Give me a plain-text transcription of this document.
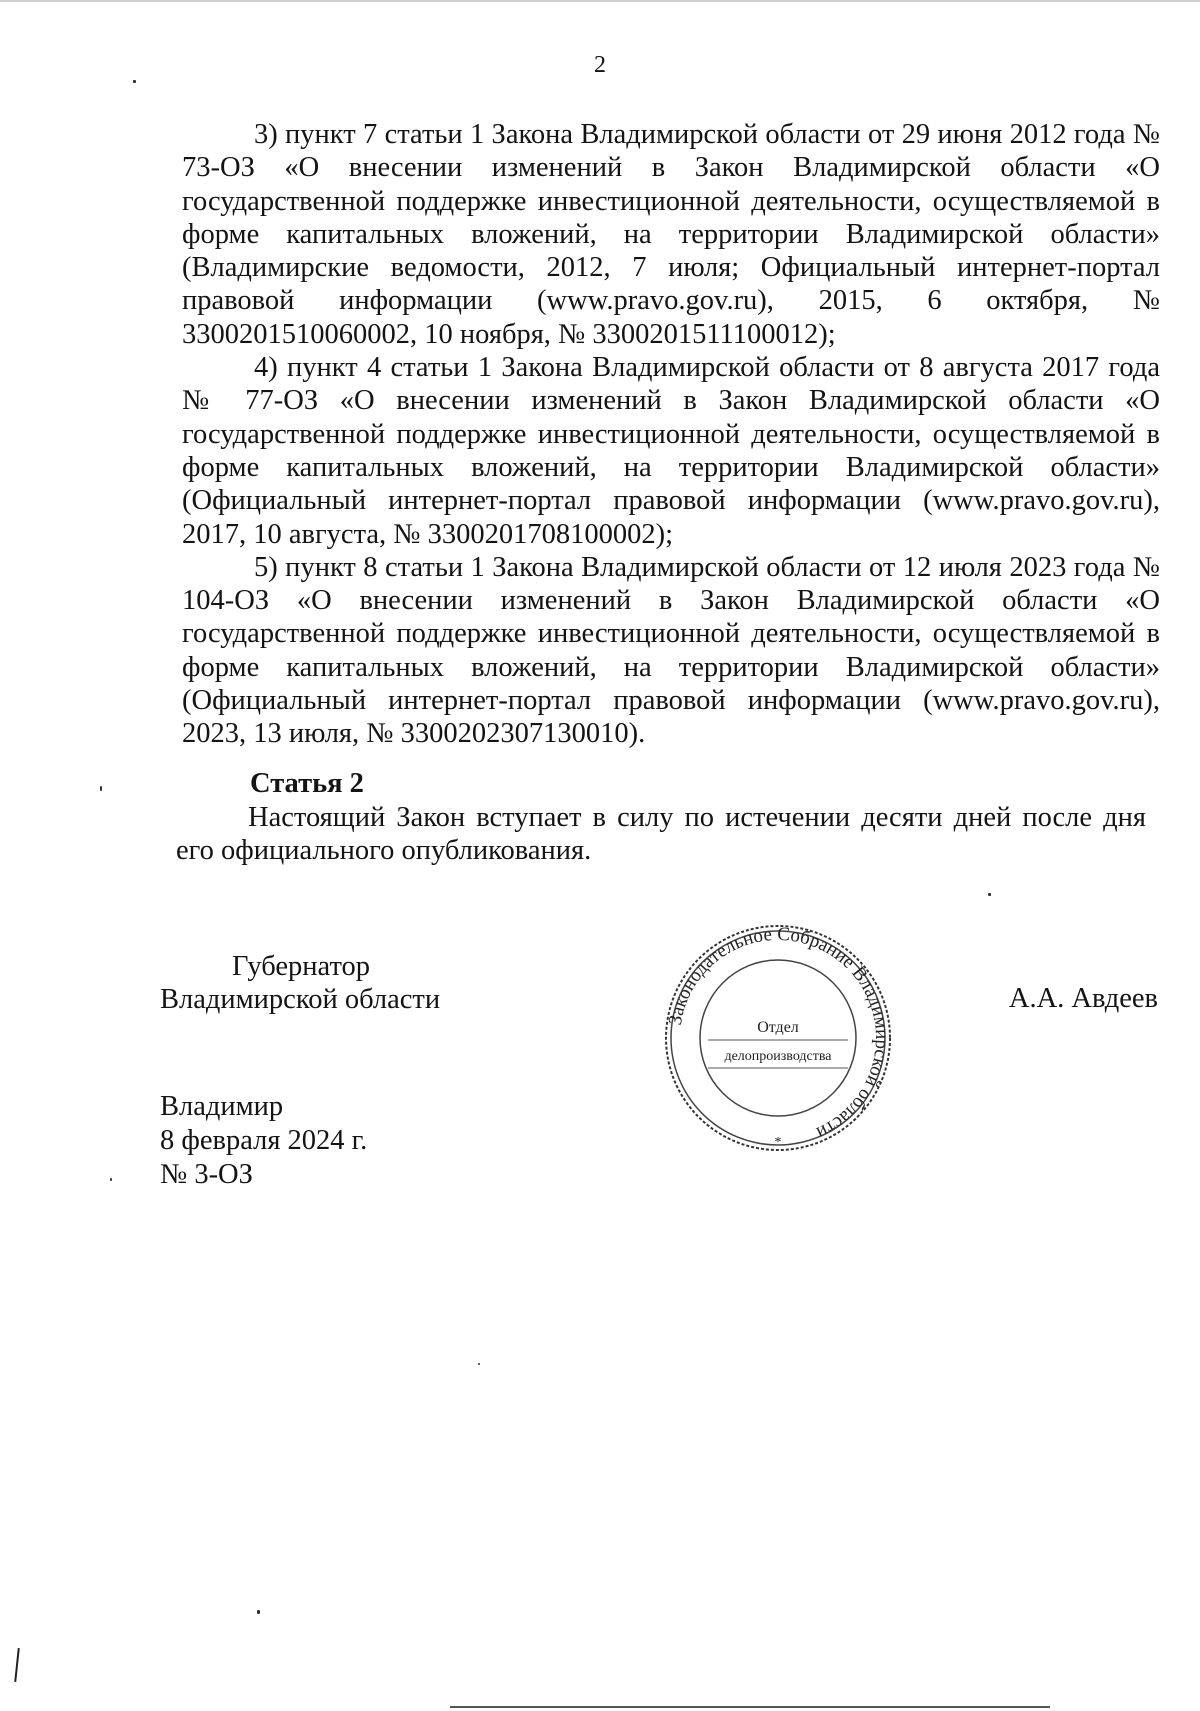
2

3) пункт 7 статьи 1 Закона Владимирской области от 29 июня 2012 года № 73-ОЗ «О внесении изменений в Закон Владимирской области «О государственной поддержке инвестиционной деятельности, осуществляемой в форме капитальных вложений, на территории Владимирской области» (Владимирские ведомости, 2012, 7 июля; Официальный интернет-портал правовой информации (www.pravo.gov.ru), 2015, 6 октября, № 3300201510060002, 10 ноября, № 3300201511100012);

4) пункт 4 статьи 1 Закона Владимирской области от 8 августа 2017 года № 77-ОЗ «О внесении изменений в Закон Владимирской области «О государственной поддержке инвестиционной деятельности, осуществляемой в форме капитальных вложений, на территории Владимирской области» (Официальный интернет-портал правовой информации (www.pravo.gov.ru), 2017, 10 августа, № 3300201708100002);

5) пункт 8 статьи 1 Закона Владимирской области от 12 июля 2023 года № 104-ОЗ «О внесении изменений в Закон Владимирской области «О государственной поддержке инвестиционной деятельности, осуществляемой в форме капитальных вложений, на территории Владимирской области» (Официальный интернет-портал правовой информации (www.pravo.gov.ru), 2023, 13 июля, № 3300202307130010).

Статья 2

Настоящий Закон вступает в силу по истечении десяти дней после дня его официального опубликования.

Губернатор
Владимирской области
Законодательное Собрание Владимирской области
*
Отдел
делопроизводства
А.А. Авдеев
Владимир
8 февраля 2024 г.
№ 3-ОЗ
